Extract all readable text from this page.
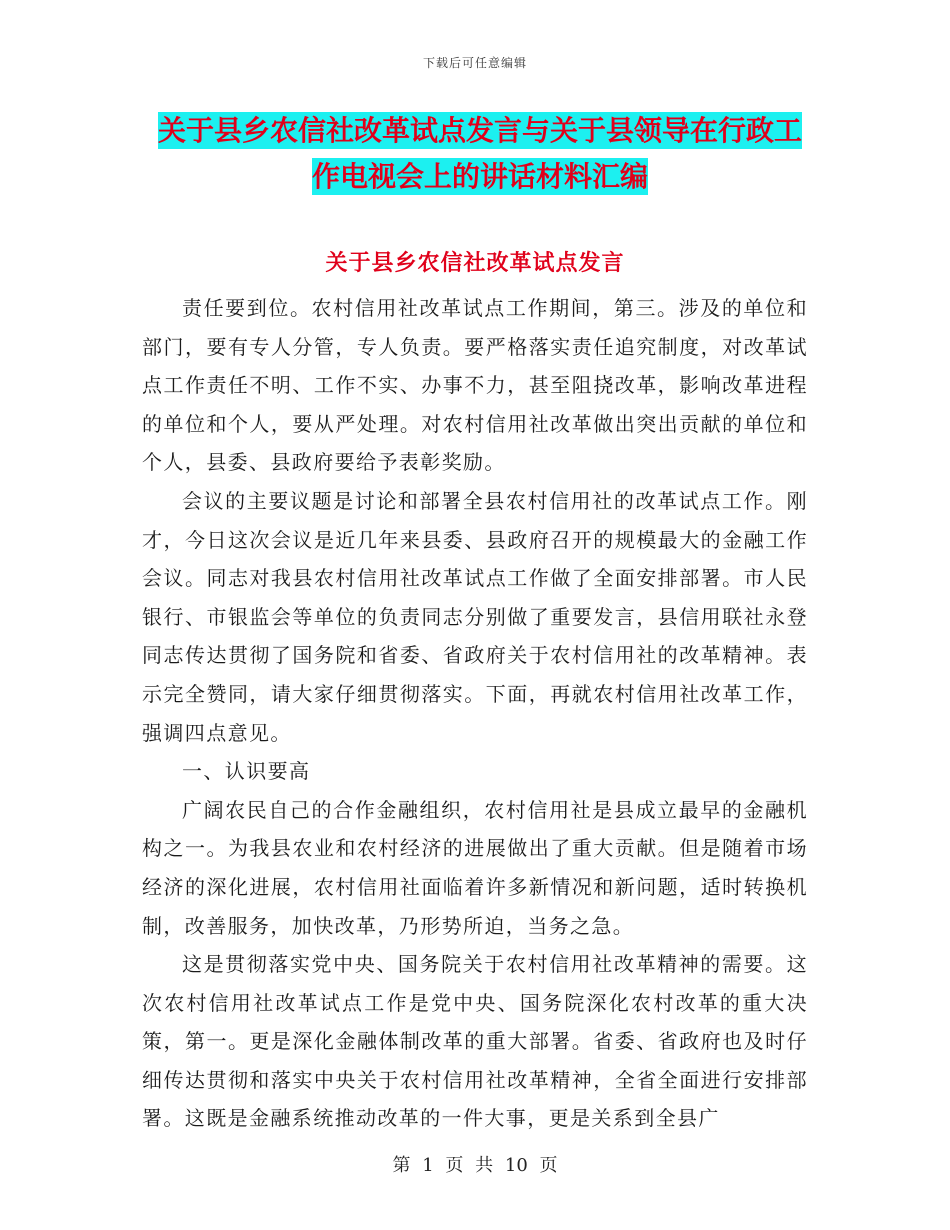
下载后可任意编辑
关于县乡农信社改革试点发言与关于县领导在行政工
作电视会上的讲话材料汇编
关于县乡农信社改革试点发言

责任要到位。农村信用社改革试点工作期间，第三。涉及的单位和部门，要有专人分管，专人负责。要严格落实责任追究制度，对改革试点工作责任不明、工作不实、办事不力，甚至阻挠改革，影响改革进程的单位和个人，要从严处理。对农村信用社改革做出突出贡献的单位和个人，县委、县政府要给予表彰奖励。

会议的主要议题是讨论和部署全县农村信用社的改革试点工作。刚才，今日这次会议是近几年来县委、县政府召开的规模最大的金融工作会议。同志对我县农村信用社改革试点工作做了全面安排部署。市人民银行、市银监会等单位的负责同志分别做了重要发言，县信用联社永登同志传达贯彻了国务院和省委、省政府关于农村信用社的改革精神。表示完全赞同，请大家仔细贯彻落实。下面，再就农村信用社改革工作，强调四点意见。

一、认识要高

广阔农民自己的合作金融组织，农村信用社是县成立最早的金融机构之一。为我县农业和农村经济的进展做出了重大贡献。但是随着市场经济的深化进展，农村信用社面临着许多新情况和新问题，适时转换机制，改善服务，加快改革，乃形势所迫，当务之急。

这是贯彻落实党中央、国务院关于农村信用社改革精神的需要。这次农村信用社改革试点工作是党中央、国务院深化农村改革的重大决策，第一。更是深化金融体制改革的重大部署。省委、省政府也及时仔细传达贯彻和落实中央关于农村信用社改革精神，全省全面进行安排部署。这既是金融系统推动改革的一件大事，更是关系到全县广

第 1 页 共 10 页
